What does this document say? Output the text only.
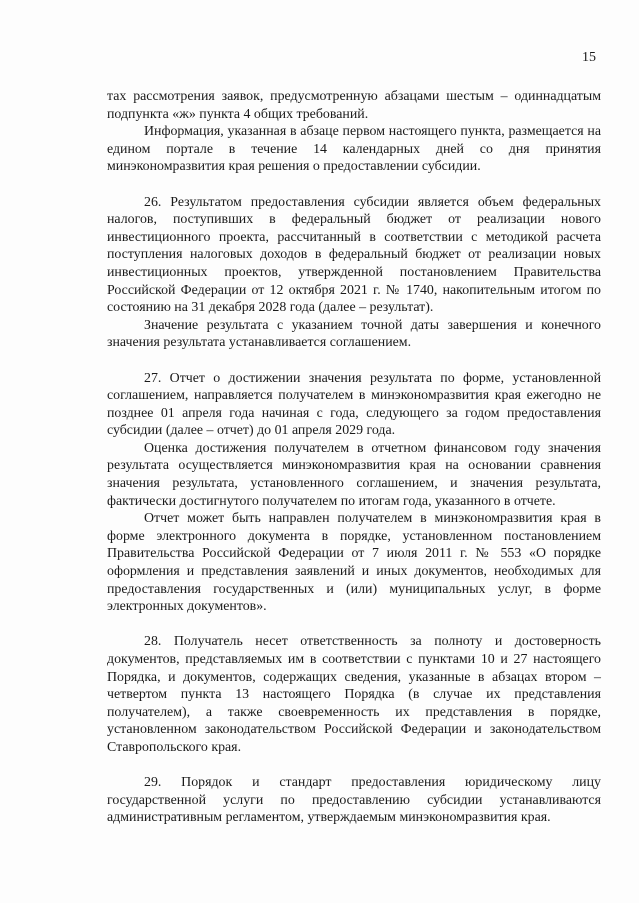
15

тах рассмотрения заявок, предусмотренную абзацами шестым – одиннадцатым подпункта «ж» пункта 4 общих требований.

Информация, указанная в абзаце первом настоящего пункта, размещается на едином портале в течение 14 календарных дней со дня принятия минэкономразвития края решения о предоставлении субсидии.

26. Результатом предоставления субсидии является объем федеральных налогов, поступивших в федеральный бюджет от реализации нового инвестиционного проекта, рассчитанный в соответствии с методикой расчета поступления налоговых доходов в федеральный бюджет от реализации новых инвестиционных проектов, утвержденной постановлением Правительства Российской Федерации от 12 октября 2021 г. № 1740, накопительным итогом по состоянию на 31 декабря 2028 года (далее – результат).

Значение результата с указанием точной даты завершения и конечного значения результата устанавливается соглашением.

27. Отчет о достижении значения результата по форме, установленной соглашением, направляется получателем в минэкономразвития края ежегодно не позднее 01 апреля года начиная с года, следующего за годом предоставления субсидии (далее – отчет) до 01 апреля 2029 года.

Оценка достижения получателем в отчетном финансовом году значения результата осуществляется минэкономразвития края на основании сравнения значения результата, установленного соглашением, и значения результата, фактически достигнутого получателем по итогам года, указанного в отчете.

Отчет может быть направлен получателем в минэкономразвития края в форме электронного документа в порядке, установленном постановлением Правительства Российской Федерации от 7 июля 2011 г. № 553 «О порядке оформления и представления заявлений и иных документов, необходимых для предоставления государственных и (или) муниципальных услуг, в форме электронных документов».

28. Получатель несет ответственность за полноту и достоверность документов, представляемых им в соответствии с пунктами 10 и 27 настоящего Порядка, и документов, содержащих сведения, указанные в абзацах втором – четвертом пункта 13 настоящего Порядка (в случае их представления получателем), а также своевременность их представления в порядке, установленном законодательством Российской Федерации и законодательством Ставропольского края.

29. Порядок и стандарт предоставления юридическому лицу государственной услуги по предоставлению субсидии устанавливаются административным регламентом, утверждаемым минэкономразвития края.
